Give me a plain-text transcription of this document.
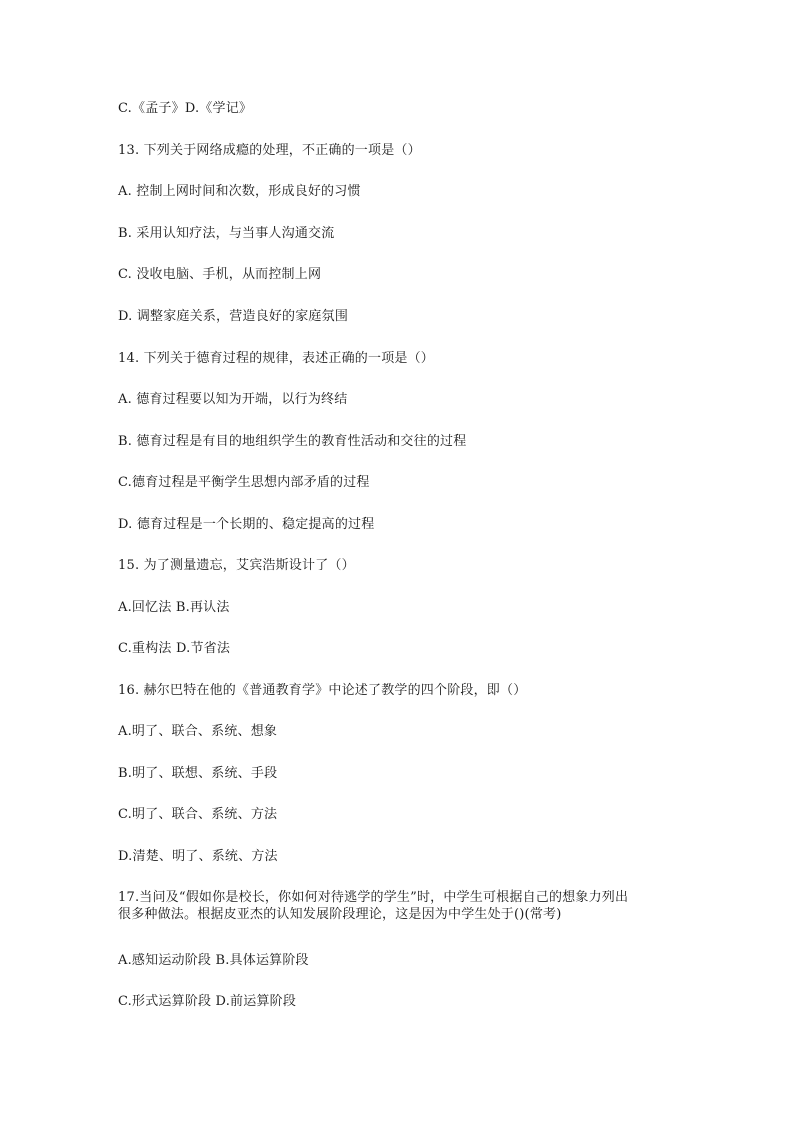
C.《孟子》D.《学记》
13. 下列关于网络成瘾的处理，不正确的一项是（）
A. 控制上网时间和次数，形成良好的习惯
B. 采用认知疗法，与当事人沟通交流
C. 没收电脑、手机，从而控制上网
D. 调整家庭关系，营造良好的家庭氛围
14. 下列关于德育过程的规律，表述正确的一项是（）
A. 德育过程要以知为开端，以行为终结
B. 德育过程是有目的地组织学生的教育性活动和交往的过程
C.德育过程是平衡学生思想内部矛盾的过程
D. 德育过程是一个长期的、稳定提高的过程
15. 为了测量遗忘，艾宾浩斯设计了（）
A.回忆法 B.再认法
C.重构法 D.节省法
16. 赫尔巴特在他的《普通教育学》中论述了教学的四个阶段，即（）
A.明了、联合、系统、想象
B.明了、联想、系统、手段
C.明了、联合、系统、方法
D.清楚、明了、系统、方法
17.当问及“假如你是校长，你如何对待逃学的学生”时，中学生可根据自己的想象力列出很多种做法。根据皮亚杰的认知发展阶段理论，这是因为中学生处于()(常考)
A.感知运动阶段 B.具体运算阶段
C.形式运算阶段 D.前运算阶段
